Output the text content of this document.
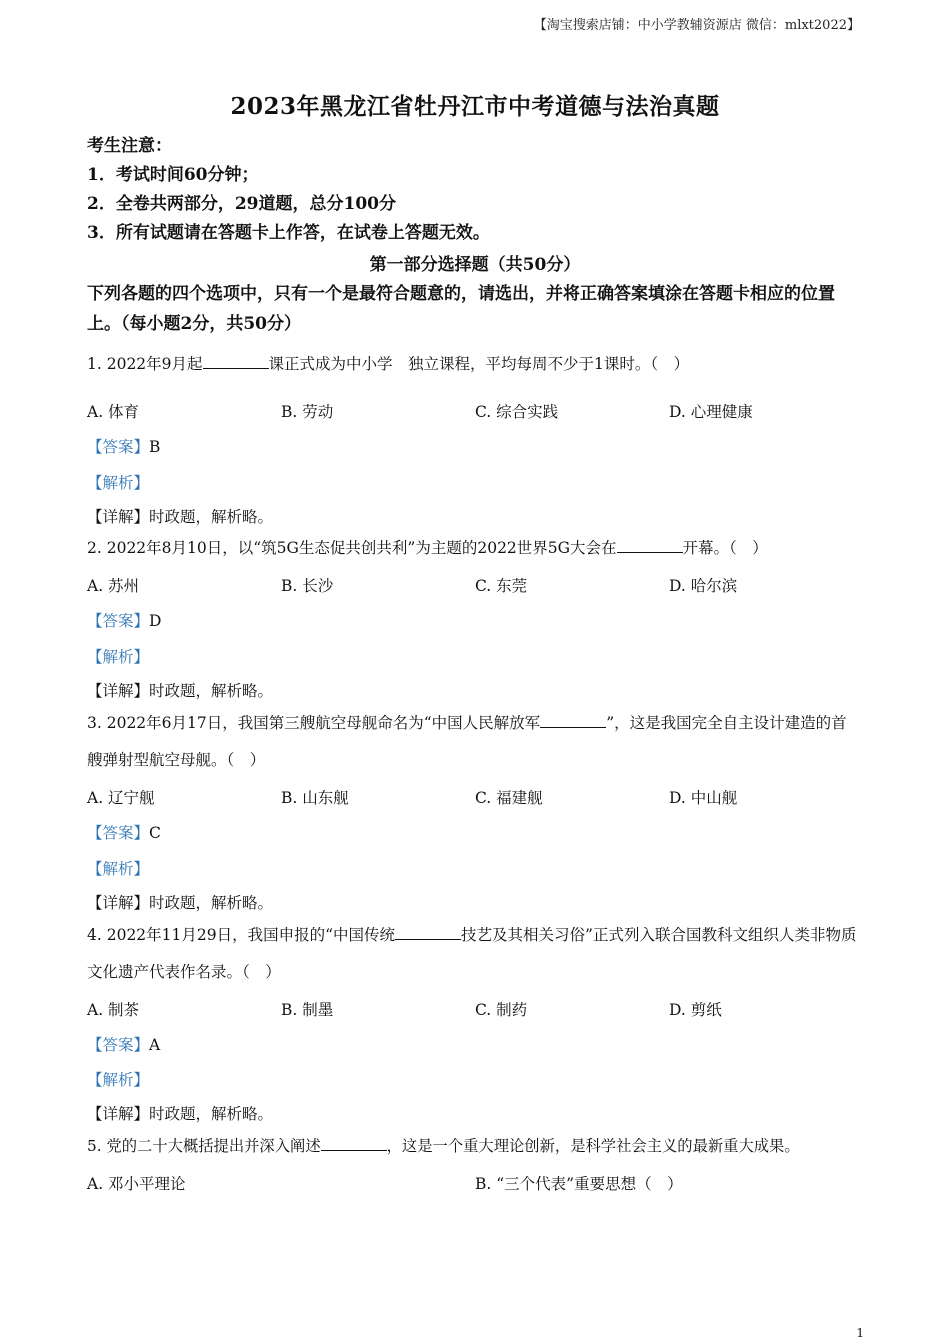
【淘宝搜索店铺：中小学教辅资源店 微信：mlxt2022】
2023年黑龙江省牡丹江市中考道德与法治真题
考生注意：
1．考试时间60分钟；
2．全卷共两部分，29道题，总分100分
3．所有试题请在答题卡上作答，在试卷上答题无效。
第一部分选择题（共50分）
下列各题的四个选项中，只有一个是最符合题意的，请选出，并将正确答案填涂在答题卡相应的位置上。（每小题2分，共50分）
1. 2022年9月起	课正式成为中小学　独立课程，平均每周不少于1课时。（　）
A. 体育	B. 劳动	C. 综合实践	D. 心理健康
【答案】B
【解析】
【详解】时政题，解析略。
2. 2022年8月10日，以“筑5G生态促共创共利”为主题的2022世界5G大会在	开幕。（　）
A. 苏州	B. 长沙	C. 东莞	D. 哈尔滨
【答案】D
【解析】
【详解】时政题，解析略。
3. 2022年6月17日，我国第三艘航空母舰命名为“中国人民解放军	”，这是我国完全自主设计建造的首艘弹射型航空母舰。（　）
A. 辽宁舰	B. 山东舰	C. 福建舰	D. 中山舰
【答案】C
【解析】
【详解】时政题，解析略。
4. 2022年11月29日，我国申报的“中国传统	技艺及其相关习俗”正式列入联合国教科文组织人类非物质文化遗产代表作名录。（　）
A. 制茶	B. 制墨	C. 制药	D. 剪纸
【答案】A
【解析】
【详解】时政题，解析略。
5. 党的二十大概括提出并深入阐述	，这是一个重大理论创新，是科学社会主义的最新重大成果。
A. 邓小平理论	B. “三个代表”重要思想（　）
1
